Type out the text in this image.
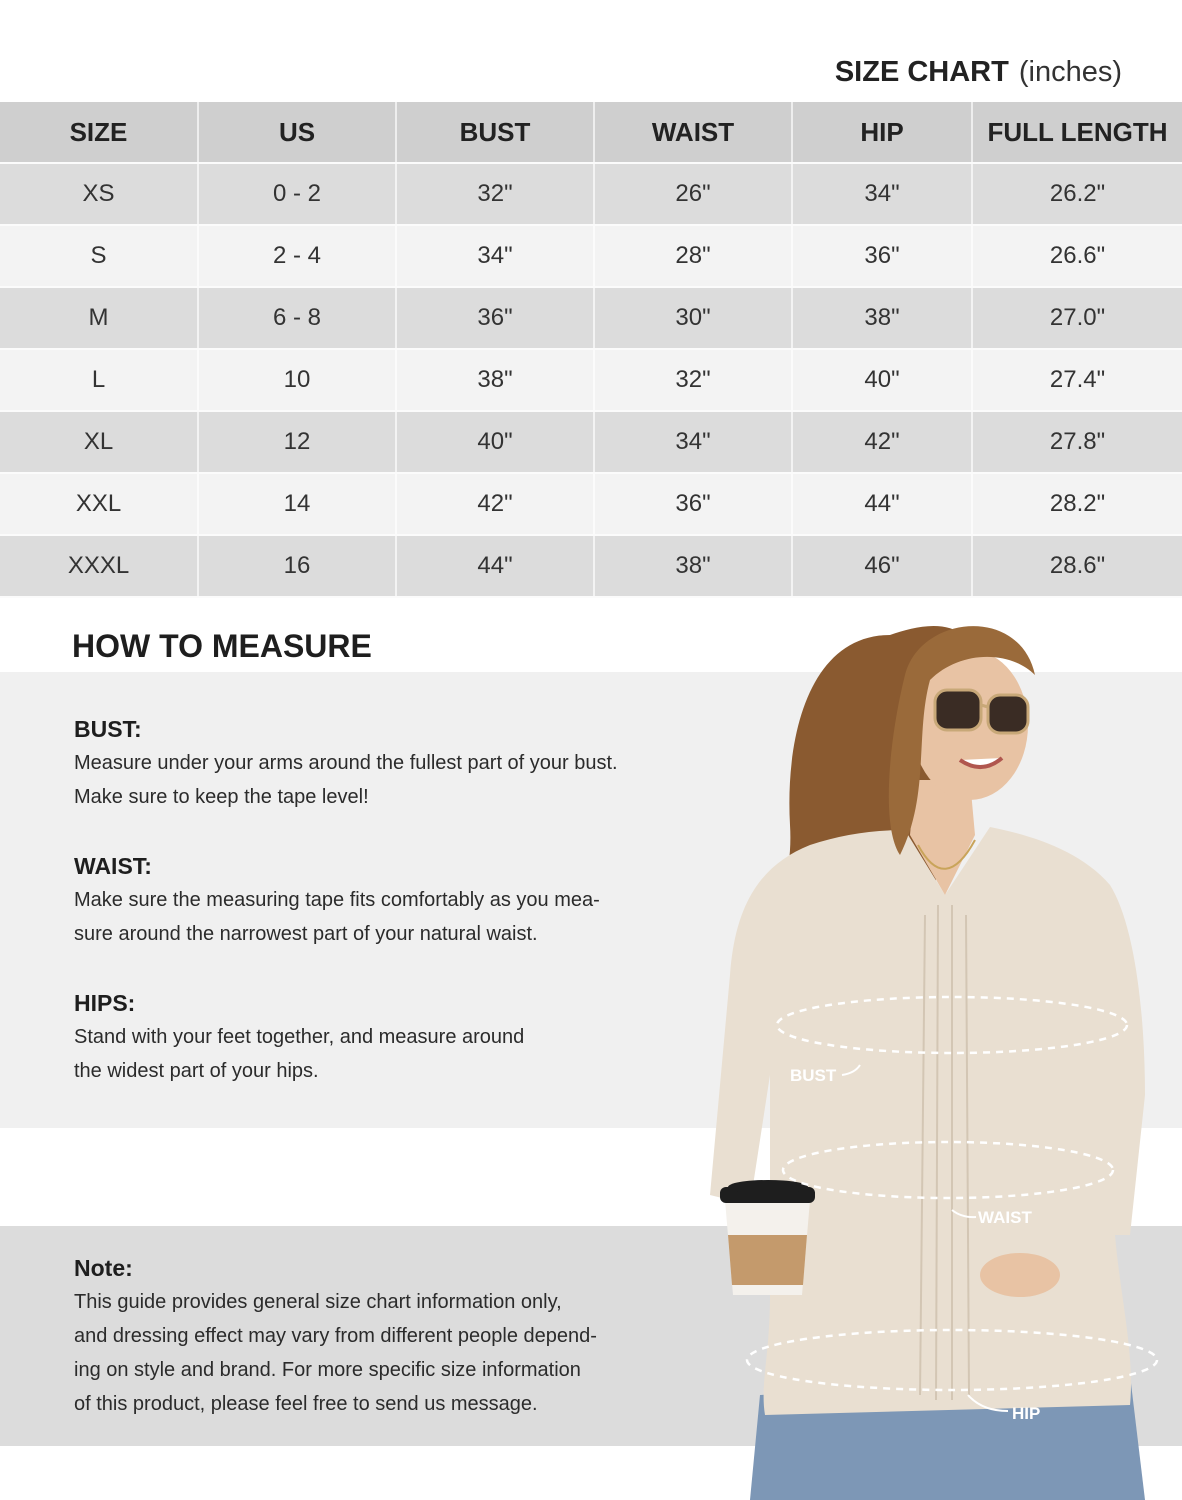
SIZE CHART (inches)
SIZE	US	BUST	WAIST	HIP	FULL LENGTH
XS	0 - 2	32"	26"	34"	26.2"
S	2 - 4	34"	28"	36"	26.6"
M	6 - 8	36"	30"	38"	27.0"
L	10	38"	32"	40"	27.4"
XL	12	40"	34"	42"	27.8"
XXL	14	42"	36"	44"	28.2"
XXXL	16	44"	38"	46"	28.6"
HOW TO MEASURE
BUST:
Measure under your arms around the fullest part of your bust.
Make sure to keep the tape level!
WAIST:
Make sure the measuring tape fits comfortably as you mea-
sure around the narrowest part of your natural waist.
HIPS:
Stand with your feet together, and measure around
the widest part of your hips.
Note:
This guide provides general size chart information only,
and dressing effect may vary from different people depend-
ing on style and brand. For more specific size information
of this product, please feel free to send us message.
BUST
WAIST
HIP
